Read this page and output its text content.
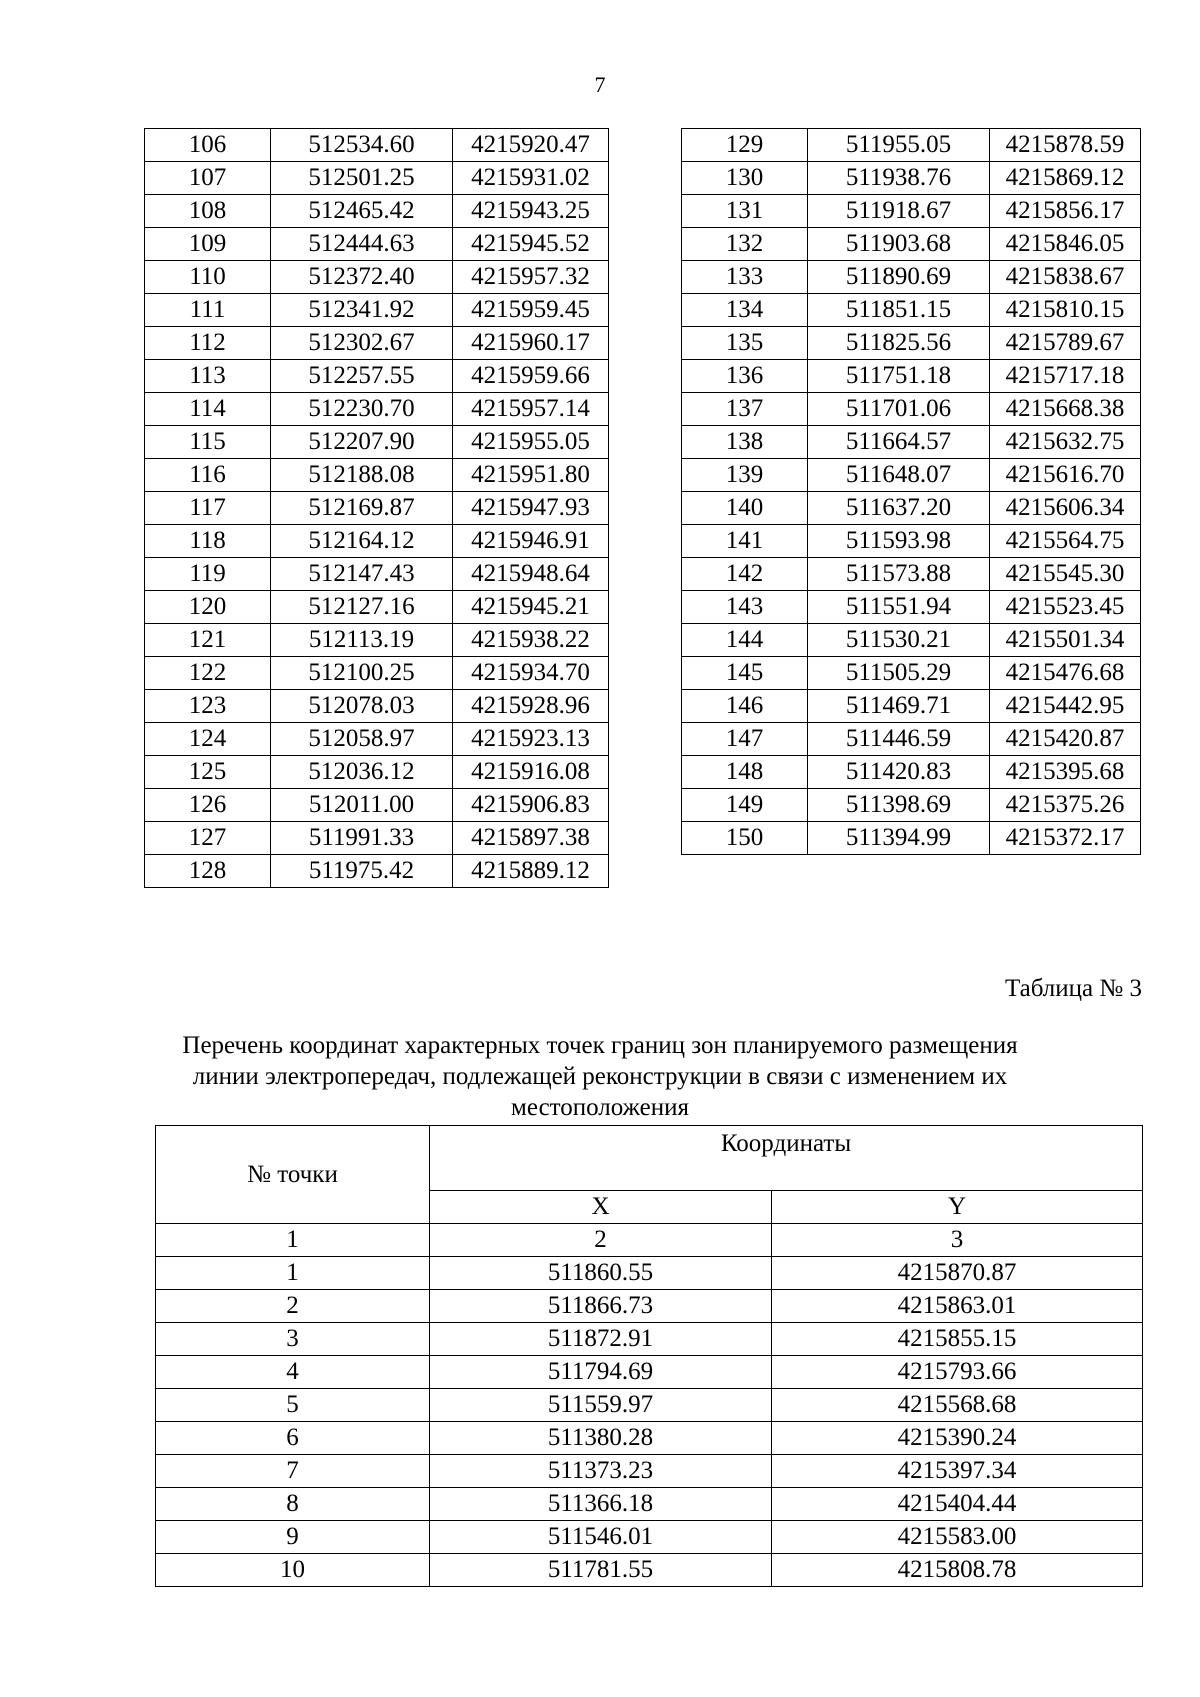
7
106	512534.60	4215920.47
107	512501.25	4215931.02
108	512465.42	4215943.25
109	512444.63	4215945.52
110	512372.40	4215957.32
111	512341.92	4215959.45
112	512302.67	4215960.17
113	512257.55	4215959.66
114	512230.70	4215957.14
115	512207.90	4215955.05
116	512188.08	4215951.80
117	512169.87	4215947.93
118	512164.12	4215946.91
119	512147.43	4215948.64
120	512127.16	4215945.21
121	512113.19	4215938.22
122	512100.25	4215934.70
123	512078.03	4215928.96
124	512058.97	4215923.13
125	512036.12	4215916.08
126	512011.00	4215906.83
127	511991.33	4215897.38
128	511975.42	4215889.12
129	511955.05	4215878.59
130	511938.76	4215869.12
131	511918.67	4215856.17
132	511903.68	4215846.05
133	511890.69	4215838.67
134	511851.15	4215810.15
135	511825.56	4215789.67
136	511751.18	4215717.18
137	511701.06	4215668.38
138	511664.57	4215632.75
139	511648.07	4215616.70
140	511637.20	4215606.34
141	511593.98	4215564.75
142	511573.88	4215545.30
143	511551.94	4215523.45
144	511530.21	4215501.34
145	511505.29	4215476.68
146	511469.71	4215442.95
147	511446.59	4215420.87
148	511420.83	4215395.68
149	511398.69	4215375.26
150	511394.99	4215372.17
Таблица № 3
Перечень координат характерных точек границ зон планируемого размещения
линии электропередач, подлежащей реконструкции в связи с изменением их
местоположения
№ точки	Координаты	
	X	Y
1	2	3
1	511860.55	4215870.87
2	511866.73	4215863.01
3	511872.91	4215855.15
4	511794.69	4215793.66
5	511559.97	4215568.68
6	511380.28	4215390.24
7	511373.23	4215397.34
8	511366.18	4215404.44
9	511546.01	4215583.00
10	511781.55	4215808.78
